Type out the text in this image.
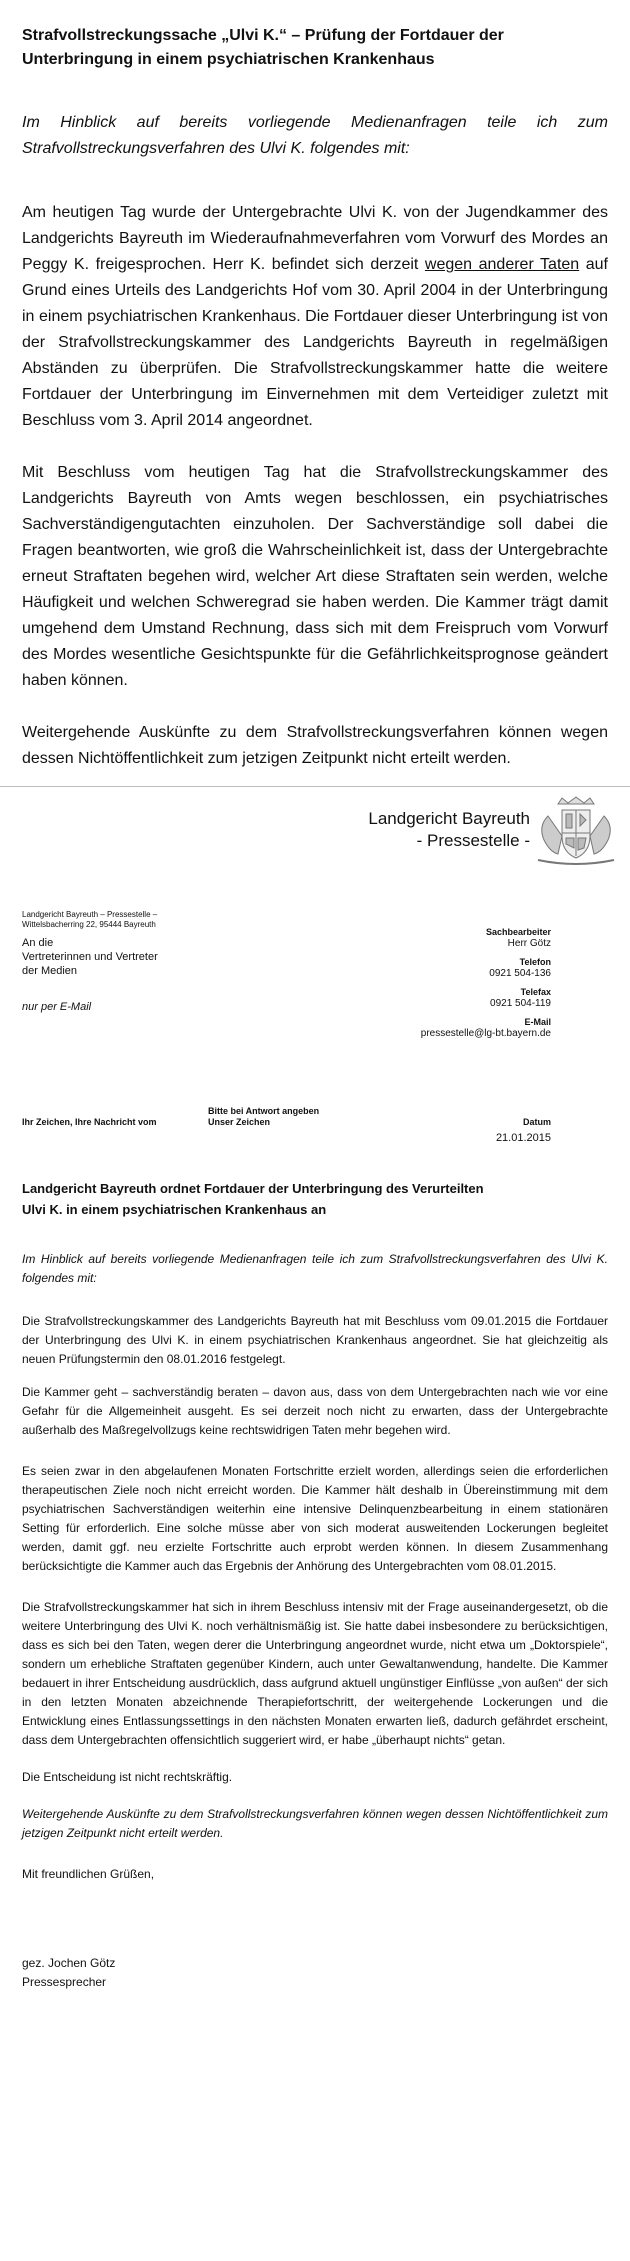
Strafvollstreckungssache „Ulvi K.“ – Prüfung der Fortdauer der
Unterbringung in einem psychiatrischen Krankenhaus

Im Hinblick auf bereits vorliegende Medienanfragen teile ich zum Strafvollstreckungsverfahren des Ulvi K. folgendes mit:

Am heutigen Tag wurde der Untergebrachte Ulvi K. von der Jugendkammer des Landgerichts Bayreuth im Wiederaufnahmeverfahren vom Vorwurf des Mordes an Peggy K. freigesprochen. Herr K. befindet sich derzeit wegen anderer Taten auf Grund eines Urteils des Landgerichts Hof vom 30. April 2004 in der Unterbringung in einem psychiatrischen Krankenhaus. Die Fortdauer dieser Unterbringung ist von der Strafvollstreckungskammer des Landgerichts Bayreuth in regelmäßigen Abständen zu überprüfen. Die Strafvollstreckungskammer hatte die weitere Fortdauer der Unterbringung im Einvernehmen mit dem Verteidiger zuletzt mit Beschluss vom 3. April 2014 angeordnet.

Mit Beschluss vom heutigen Tag hat die Strafvollstreckungskammer des Landgerichts Bayreuth von Amts wegen beschlossen, ein psychiatrisches Sachverständigengutachten einzuholen. Der Sachverständige soll dabei die Fragen beantworten, wie groß die Wahrscheinlichkeit ist, dass der Untergebrachte erneut Straftaten begehen wird, welcher Art diese Straftaten sein werden, welche Häufigkeit und welchen Schweregrad sie haben werden. Die Kammer trägt damit umgehend dem Umstand Rechnung, dass sich mit dem Freispruch vom Vorwurf des Mordes wesentliche Gesichtspunkte für die Gefährlichkeitsprognose geändert haben können.

Weitergehende Auskünfte zu dem Strafvollstreckungsverfahren können wegen dessen Nichtöffentlichkeit zum jetzigen Zeitpunkt nicht erteilt werden.

Landgericht Bayreuth
- Pressestelle -
Landgericht Bayreuth – Pressestelle –
Wittelsbacherring 22, 95444 Bayreuth
An die
Vertreterinnen und Vertreter
der Medien
nur per E-Mail
Sachbearbeiter
Herr Götz
Telefon
0921 504-136
Telefax
0921 504-119
E-Mail
pressestelle@lg-bt.bayern.de
Ihr Zeichen, Ihre Nachricht vom
Bitte bei Antwort angeben
Unser Zeichen	Datum
21.01.2015
Landgericht Bayreuth ordnet Fortdauer der Unterbringung des Verurteilten
Ulvi K. in einem psychiatrischen Krankenhaus an

Im Hinblick auf bereits vorliegende Medienanfragen teile ich zum Strafvollstreckungsverfahren des Ulvi K. folgendes mit:

Die Strafvollstreckungskammer des Landgerichts Bayreuth hat mit Beschluss vom 09.01.2015 die Fortdauer der Unterbringung des Ulvi K. in einem psychiatrischen Krankenhaus angeordnet. Sie hat gleichzeitig als neuen Prüfungstermin den 08.01.2016 festgelegt.

Die Kammer geht – sachverständig beraten – davon aus, dass von dem Untergebrachten nach wie vor eine Gefahr für die Allgemeinheit ausgeht. Es sei derzeit noch nicht zu erwarten, dass der Untergebrachte außerhalb des Maßregelvollzugs keine rechtswidrigen Taten mehr begehen wird.

Es seien zwar in den abgelaufenen Monaten Fortschritte erzielt worden, allerdings seien die erforderlichen therapeutischen Ziele noch nicht erreicht worden. Die Kammer hält deshalb in Übereinstimmung mit dem psychiatrischen Sachverständigen weiterhin eine intensive Delinquenzbearbeitung in einem stationären Setting für erforderlich. Eine solche müsse aber von sich moderat ausweitenden Lockerungen begleitet werden, damit ggf. neu erzielte Fortschritte auch erprobt werden können. In diesem Zusammenhang berücksichtigte die Kammer auch das Ergebnis der Anhörung des Untergebrachten vom 08.01.2015.

Die Strafvollstreckungskammer hat sich in ihrem Beschluss intensiv mit der Frage auseinandergesetzt, ob die weitere Unterbringung des Ulvi K. noch verhältnismäßig ist. Sie hatte dabei insbesondere zu berücksichtigen, dass es sich bei den Taten, wegen derer die Unterbringung angeordnet wurde, nicht etwa um „Doktorspiele“, sondern um erhebliche Straftaten gegenüber Kindern, auch unter Gewaltanwendung, handelte. Die Kammer bedauert in ihrer Entscheidung ausdrücklich, dass aufgrund aktuell ungünstiger Einflüsse „von außen“ der sich in den letzten Monaten abzeichnende Therapiefortschritt, der weitergehende Lockerungen und die Entwicklung eines Entlassungssettings in den nächsten Monaten erwarten ließ, dadurch gefährdet erscheint, dass dem Untergebrachten offensichtlich suggeriert wird, er habe „überhaupt nichts“ getan.

Die Entscheidung ist nicht rechtskräftig.

Weitergehende Auskünfte zu dem Strafvollstreckungsverfahren können wegen dessen Nichtöffentlichkeit zum jetzigen Zeitpunkt nicht erteilt werden.

Mit freundlichen Grüßen,

gez. Jochen Götz

Pressesprecher
